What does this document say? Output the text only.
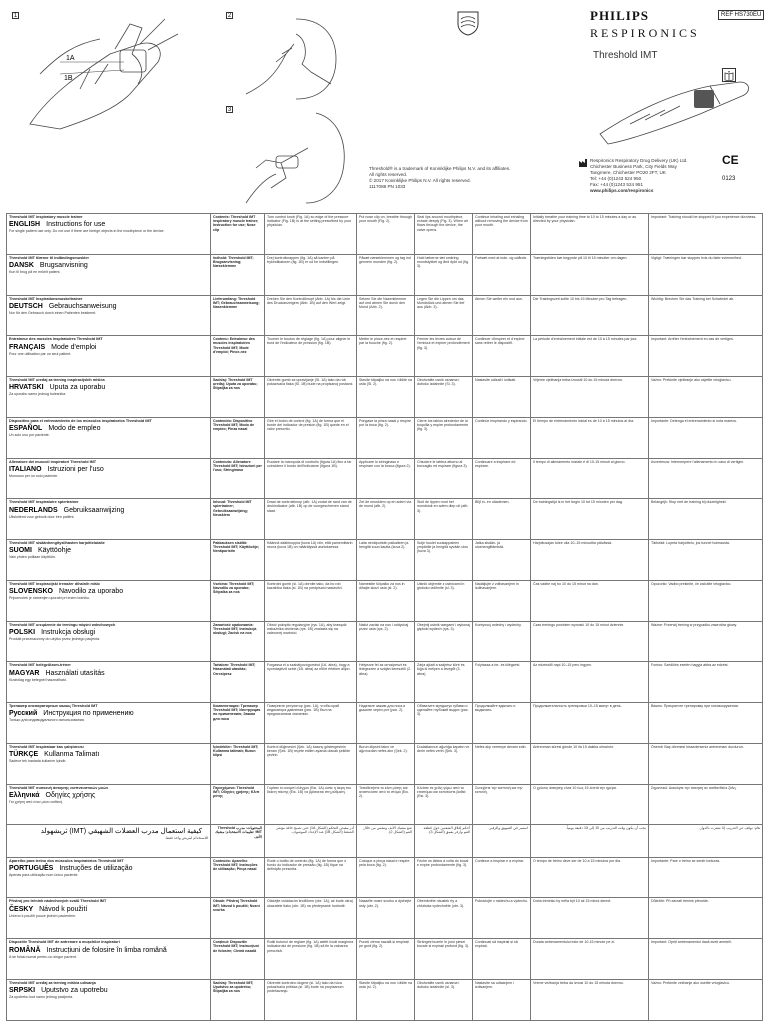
1
1A
1B
2
3
PHILIPS
RESPIRONICS
REF HS730EU
Threshold IMT
Threshold® is a trademark of Koninklijke Philips N.V. and its affiliates.
All rights reserved.
© 2017 Koninklijke Philips N.V. All rights reserved.
1117088 PN 1033
Respironics Respiratory Drug Delivery (UK) Ltd.
Chichester Business Park, City Fields Way
Tangmere, Chichester PO20 2FT, UK
Tel: +44 (0)1243 524 950
Fax: +44 (0)1243 524 951
www.philips.com/respironics
CE
0123
Threshold IMT inspiratory muscle trainer
ENGLISH Instructions for use
For single patient use only. Do not use if there are foreign objects in the mouthpiece or the device.	Contents: Threshold IMT inspiratory muscle trainer; Instruction for use; Nose clip	Turn control knob (Fig. 1A) so edge of the pressure indicator (Fig. 1B) is at the setting prescribed by your physician.	Put nose clip on, breathe through your mouth (Fig. 2).	Seal lips around mouthpiece, exhale deeply (Fig. 3). When air flows through the device, the valve opens.	Continue inhaling and exhaling without removing the device from your mouth.	Initially breathe your training time to 10 to 15 minutes a day or as directed by your physician.	Important: Training should be stopped if you experience dizziness.

Threshold IMT tilæner til indåndingsmuskler
DANSK Brugsanvisning
Kun til brug på en enkelt patient.	Indhold: Threshold IMT; Brugsanvisning; Næseklemme	Drej kontrolknappen (fig. 1A) så kanten på trykindikatoren (fig. 1B) er ud for indstillingen.	Påsæt næseklemmen og tag ind gennem munden (fig. 2).	Hold læberne tæt omkring mundstykket og ånd dybt ud (fig. 3).	Fortsæt med at inde- og udånde.	Træningstiden bør begynde på 10 til 15 minutter om dagen.	Vigtigt: Træningen bør stoppes hvis du føler svimmelhed.

Threshold IMT Inspirationsmuskeltrainer
DEUTSCH Gebrauchsanweisung
Nur für den Gebrauch durch einen Patienten bestimmt.	Lieferumfang: Threshold IMT; Gebrauchsanweisung; Nasenklemme	Drehen Sie den Kontrollknopf (Abb. 1A) bis die Linie des Druckanzeigers (Abb. 1B) auf den Wert zeigt.	Setzen Sie die Nasenklemme auf und atmen Sie durch den Mund (Abb. 2).	Legen Sie die Lippen um das Mundstück und atmen Sie tief aus (Abb. 3).	Atmen Sie weiter ein und aus.	Die Trainingszeit sollte 10 bis 15 Minuten pro Tag betragen.	Wichtig: Brechen Sie das Training bei Schwindel ab.

Entraîneur des muscles inspiratoires Threshold IMT
FRANÇAIS Mode d'emploi
Pour une utilisation par un seul patient.	Contenu: Entraîneur des muscles inspiratoires Threshold IMT; Mode d'emploi; Pince-nez	Tourner le bouton de réglage (fig. 1A) pour aligner le bord de l'indicateur de pression (fig. 1B).	Mettre le pince-nez et respirer par la bouche (fig. 2).	Fermer les lèvres autour de l'embout et expirer profondément (fig. 3).	Continuer d'inspirer et d'expirer sans retirer le dispositif.	La période d'entraînement initiale est de 10 à 15 minutes par jour.	Important: Arrêter l'entraînement en cas de vertiges.

Threshold IMT uređaj za trening inspiracijskih mišića
HRVATSKI Uputa za uporabu
Za uporabu samo jednog bolesnika.	Sadržaj: Threshold IMT uređaj; Uputa za uporabu; Štipaljka za nos	Okrenite gumb za upravljanje (Sl. 1A) tako da rub pokazivača tlaka (Sl. 1B) bude na propisanoj postavci.	Stavite štipaljku na nos i dišite na usta (Sl. 2).	Obuhvatite usnik usnama i duboko izdahnite (Sl. 3).	Nastavite udisati i izdisati.	Vrijeme vježbanja treba iznositi 10 do 15 minuta dnevno.	Važno: Prekinite vježbanje ako osjetite vrtoglavicu.

Dispositivo para el entrenamiento de los músculos inspiratorios Threshold IMT
ESPAÑOL Modo de empleo
Un solo uso por paciente.	Contenido: Dispositivo Threshold IMT; Modo de empleo; Pinza nasal	Gire el botón de control (fig. 1A) de forma que el borde del indicador de presión (fig. 1B) quede en el valor prescrito.	Póngase la pinza nasal y respire por la boca (fig. 2).	Cierre los labios alrededor de la boquilla y espire profundamente (fig. 3).	Continúe inspirando y espirando.	El tiempo de entrenamiento inicial es de 10 a 15 minutos al día.	Importante: Detenga el entrenamiento si nota mareos.

Allenatore dei muscoli inspiratori Threshold IMT
ITALIANO Istruzioni per l'uso
Monouso per un solo paziente.	Contenuto: Allenatore Threshold IMT; Istruzioni per l'uso; Stringinaso	Ruotare la manopola di controllo (figura 1A) fino a far coincidere il bordo dell'indicatore (figura 1B).	Applicare lo stringinaso e respirare con la bocca (figura 2).	Chiudere le labbra attorno al boccaglio ed espirare (figura 3).	Continuare a inspirare ed espirare.	Il tempo di allenamento iniziale è di 10-15 minuti al giorno.	Avvertenza: Interrompere l'allenamento in caso di vertigini.

Threshold IMT inspiratoire spiertrainer
NEDERLANDS Gebruiksaanwijzing
Uitsluitend voor gebruik door één patiënt.	Inhoud: Threshold IMT spiertrainer; Gebruiksaanwijzing; Neusklem	Draai de controleknop (afb. 1A) zodat de rand van de drukindicator (afb. 1B) op de voorgeschreven stand staat.	Zet de neusklem op en adem via de mond (afb. 2).	Sluit de lippen rond het mondstuk en adem diep uit (afb. 3).	Blijf in- en uitademen.	De trainingstijd is in het begin 10 tot 15 minuten per dag.	Belangrijk: Stop met de training bij duizeligheid.

Threshold IMT sisäänhengityslihasten harjoittelulaite
SUOMI Käyttöohje
Vain yhden potilaan käyttöön.	Pakkauksen sisältö: Threshold IMT; Käyttöohje; Nenäpuristin	Käännä säätönuppia (kuva 1A) niin, että painemittarin reuna (kuva 1B) on määrätyssä asetuksessa.	Laita nenäpuristin paikalleen ja hengitä suun kautta (kuva 2).	Sulje huulet suukappaleen ympärille ja hengitä syvään ulos (kuva 3).	Jatka sisään- ja uloshengittämistä.	Harjoitusajan tulee olla 10–15 minuuttia päivässä.	Tärkeää: Lopeta harjoittelu, jos tunnet huimausta.

Threshold IMT inspiracijski trenažer dihalnih mišic
SLOVENSKO Navodilo za uporabo
Pripomoček je namenjen uporabi pri enem bolniku.	Vsebina: Threshold IMT; Navodilo za uporabo; Ščipalka za nos	Kontrolni gumb (sl. 1A) obrnite tako, da bo rob kazalnika tlaka (sl. 1B) na predpisani nastavitvi.	Namestite ščipalko za nos in dihajte skozi usta (sl. 2).	Ustnik objemite z ustnicami in globoko izdihnite (sl. 3).	Nadaljujte z vdihavanjem in izdihavanjem.	Čas vadbe naj bo 10 do 15 minut na dan.	Opozorilo: Vadbo prekinite, če začutite vrtoglavico.

Threshold IMT urządzenie do treningu mięśni wdechowych
POLSKI Instrukcja obsługi
Produkt przeznaczony do użytku przez jednego pacjenta.	Zawartość opakowania: Threshold IMT; Instrukcja obsługi; Zacisk na nos	Obróć pokrętło regulacyjne (rys. 1A), aby krawędź wskaźnika ciśnienia (rys. 1B) znalazła się na zaleconej wartości.	Nałóż zacisk na nos i oddychaj przez usta (rys. 2).	Obejmij ustnik wargami i wykonaj głęboki wydech (rys. 3).	Kontynuuj wdechy i wydechy.	Czas treningu powinien wynosić 10 do 15 minut dziennie.	Ważne: Przerwij trening w przypadku zawrotów głowy.

Threshold IMT belégzőizom-tréner
MAGYAR Használati utasítás
Kizárólag egy betegnél használható.	Tartalom: Threshold IMT; Használati utasítás; Orrcsipesz	Forgassa el a szabályozógombot (1A. ábra), hogy a nyomásjelző széle (1B. ábra) az előírt értéken álljon.	Helyezze fel az orrcsipeszt és lélegezzen a száján keresztül (2. ábra).	Zárja ajkait a szájrész köré és fújja ki mélyen a levegőt (3. ábra).	Folytassa a be- és kilégzést.	Az edzésidő napi 10–15 perc legyen.	Fontos: Szédülés esetén hagyja abba az edzést.

Тренажер инспираторных мышц Threshold IMT
Русский Инструкция по применению
Только для индивидуального использования.	Комплектация: Тренажер Threshold IMT; Инструкция по применению; Зажим для носа	Поверните регулятор (рис. 1A), чтобы край индикатора давления (рис. 1B) был на предписанном значении.	Наденьте зажим для носа и дышите через рот (рис. 2).	Обхватите мундштук губами и сделайте глубокий выдох (рис. 3).	Продолжайте вдыхать и выдыхать.	Продолжительность тренировки 10–15 минут в день.	Важно: Прекратите тренировку при головокружении.

Threshold IMT inspiratuar kas çalıştırıcısı
TÜRKÇE Kullanma Talimatı
Sadece tek hastada kullanım içindir.	İçindekiler: Threshold IMT; Kullanma talimatı; Burun klipsi	Kontrol düğmesini (Şek. 1A) basınç göstergesinin kenarı (Şek. 1B) reçete edilen ayarda olacak şekilde çevirin.	Burun klipsini takın ve ağzınızdan nefes alın (Şek. 2).	Dudaklarınızı ağızlığa kapatın ve derin nefes verin (Şek. 3).	Nefes alıp vermeye devam edin.	Antrenman süresi günde 10 ila 15 dakika olmalıdır.	Önemli: Baş dönmesi hissederseniz antrenmanı durdurun.

Threshold IMT συσκευή άσκησης εισπνευστικών μυών
Ελληνικά Οδηγίες χρήσης
Για χρήση από έναν μόνο ασθενή.	Περιεχόμενα: Threshold IMT; Οδηγίες χρήσης; Κλιπ μύτης	Γυρίστε το κουμπί ελέγχου (Εικ. 1A) ώστε η άκρη του δείκτη πίεσης (Εικ. 1B) να βρίσκεται στη ρύθμιση.	Τοποθετήστε το κλιπ μύτης και αναπνεύστε από το στόμα (Εικ. 2).	Κλείστε τα χείλη γύρω από το επιστόμιο και εκπνεύστε βαθιά (Εικ. 3).	Συνεχίστε την εισπνοή και την εκπνοή.	Ο χρόνος άσκησης είναι 10 έως 15 λεπτά την ημέρα.	Σημαντικό: Διακόψτε την άσκηση αν αισθανθείτε ζάλη.

كيفية استعمال مدرب العضلات الشهيقي (IMT) ثريشهولد
للاستخدام لمريض واحد فقط.	المحتويات: مدرب Threshold IMT؛ تعليمات الاستخدام؛ مشبك الأنف	أدر مقبض التحكم (الشكل 1A) حتى تصبح حافة مؤشر الضغط (الشكل 1B) عند الإعداد الموصوف.	ضع مشبك الأنف وتنفس من خلال الفم (الشكل 2).	أحكم إغلاق الشفتين حول قطعة الفم وازفر بعمق (الشكل 3).	استمر في الشهيق والزفير.	يجب أن يكون وقت التدريب من 10 إلى 15 دقيقة يومياً.	هام: توقف عن التدريب إذا شعرت بالدوار.

Aparelho para treino dos músculos inspiratórios Threshold IMT
PORTUGUÊS Instruções de utilização
Apenas para utilização num único paciente.	Conteúdo: Aparelho Threshold IMT; Instruções de utilização; Pinça nasal	Rode o botão de controlo (fig. 1A) de forma que o bordo do indicador de pressão (fig. 1B) fique na definição prescrita.	Coloque a pinça nasal e respire pela boca (fig. 2).	Feche os lábios à volta do bocal e expire profundamente (fig. 3).	Continue a inspirar e a expirar.	O tempo de treino deve ser de 10 a 15 minutos por dia.	Importante: Pare o treino se sentir tonturas.

Přístroj pro trénink nádechových svalů Threshold IMT
ČESKY Návod k použití
Určeno k použití pouze jedním pacientem.	Obsah: Přístroj Threshold IMT; Návod k použití; Nosní svorka	Otáčejte ovládacím knoflíkem (obr. 1A), až bude okraj ukazatele tlaku (obr. 1B) na předepsané hodnotě.	Nasaďte nosní svorku a dýchejte ústy (obr. 2).	Obemkněte náustek rty a zhluboka vydechněte (obr. 3).	Pokračujte v nádechu a výdechu.	Doba tréninku by měla být 10 až 15 minut denně.	Důležité: Při závrati trénink přerušte.

Dispozitiv Threshold IMT de antrenare a mușchilor inspiratori
ROMÂNĂ Instrucțiuni de folosire în limba română
A se folosi numai pentru un singur pacient.	Conținut: Dispozitiv Threshold IMT; Instrucțiuni de folosire; Clemă nazală	Rotiți butonul de reglare (fig. 1A) astfel încât marginea indicatorului de presiune (fig. 1B) să fie la valoarea prescrisă.	Puneți clema nazală și respirați pe gură (fig. 2).	Strângeți buzele în jurul piesei bucale și expirați profund (fig. 3).	Continuați să inspirați și să expirați.	Durata antrenamentului este de 10-15 minute pe zi.	Important: Opriți antrenamentul dacă aveți amețeli.

Threshold IMT uređaj za trening mišića udisanja
SRPSKI Uputstvo za upotrebu
Za upotrebu kod samo jednog pacijenta.	Sadržaj: Threshold IMT; Uputstvo za upotrebu; Štipaljka za nos	Okrenite kontrolno dugme (sl. 1A) tako da ivica pokazivača pritiska (sl. 1B) bude na propisanom podešavanju.	Stavite štipaljku na nos i dišite na usta (sl. 2).	Obuhvatite usnik usnama i duboko izdahnite (sl. 3).	Nastavite sa udisanjem i izdisanjem.	Vreme vežbanja treba da iznosi 10 do 15 minuta dnevno.	Važno: Prekinite vežbanje ako osetite vrtoglavicu.
